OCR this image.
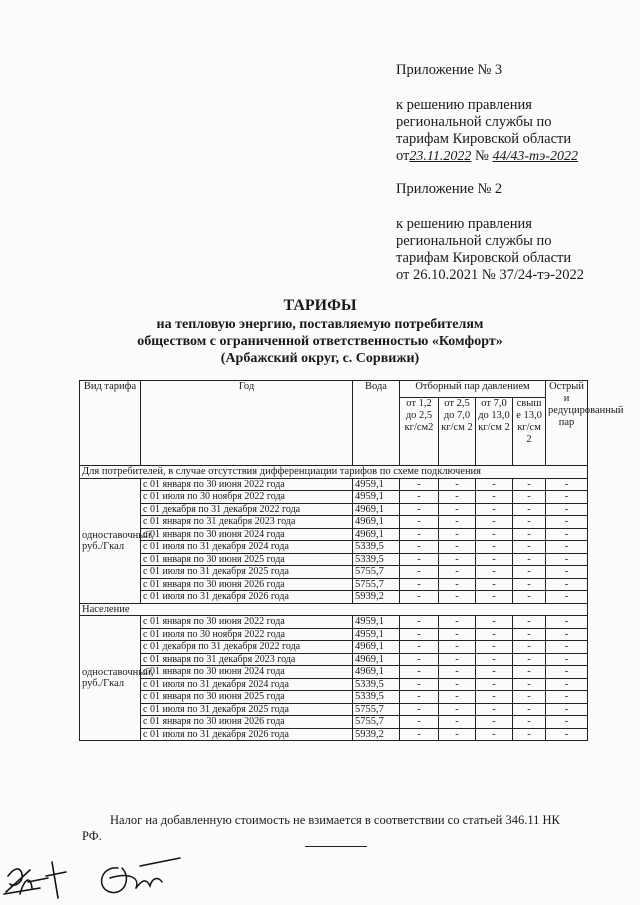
Приложение № 3
к решению правления
региональной службы по
тарифам Кировской области
от23.11.2022 № 44/43-тэ-2022
Приложение № 2
к решению правления
региональной службы по
тарифам Кировской области
от 26.10.2021 № 37/24-тэ-2022
ТАРИФЫ
на тепловую энергию, поставляемую потребителям
обществом с ограниченной ответственностью «Комфорт»
(Арбажский округ, с. Сорвижи)
Вид тарифа	Год	Вода	Отборный пар давлением				Острый и редуцированный пар
			от 1,2 до 2,5 кг/см2	от 2,5 до 7,0 кг/см 2	от 7,0 до 13,0 кг/см 2	свыш е 13,0 кг/см 2	
Для потребителей, в случае отсутствия дифференциации тарифов по схеме подключения							
одноставочный, руб./Гкал	с 01 января по 30 июня 2022 года	4959,1	-	-	-	-	-
	с 01 июля по 30 ноября 2022 года	4959,1	-	-	-	-	-
	с 01 декабря по 31 декабря 2022 года	4969,1	-	-	-	-	-
	с 01 января по 31 декабря 2023 года	4969,1	-	-	-	-	-
	с 01 января по 30 июня 2024 года	4969,1	-	-	-	-	-
	с 01 июля по 31 декабря 2024 года	5339,5	-	-	-	-	-
	с 01 января по 30 июня 2025 года	5339,5	-	-	-	-	-
	с 01 июля по 31 декабря 2025 года	5755,7	-	-	-	-	-
	с 01 января по 30 июня 2026 года	5755,7	-	-	-	-	-
	с 01 июля по 31 декабря 2026 года	5939,2	-	-	-	-	-
Население							
одноставочный, руб./Гкал	с 01 января по 30 июня 2022 года	4959,1	-	-	-	-	-
	с 01 июля по 30 ноября 2022 года	4959,1	-	-	-	-	-
	с 01 декабря по 31 декабря 2022 года	4969,1	-	-	-	-	-
	с 01 января по 31 декабря 2023 года	4969,1	-	-	-	-	-
	с 01 января по 30 июня 2024 года	4969,1	-	-	-	-	-
	с 01 июля по 31 декабря 2024 года	5339,5	-	-	-	-	-
	с 01 января по 30 июня 2025 года	5339,5	-	-	-	-	-
	с 01 июля по 31 декабря 2025 года	5755,7	-	-	-	-	-
	с 01 января по 30 июня 2026 года	5755,7	-	-	-	-	-
	с 01 июля по 31 декабря 2026 года	5939,2	-	-	-	-	-
Налог на добавленную стоимость не взимается в соответствии со статьей 346.11 НК РФ.
